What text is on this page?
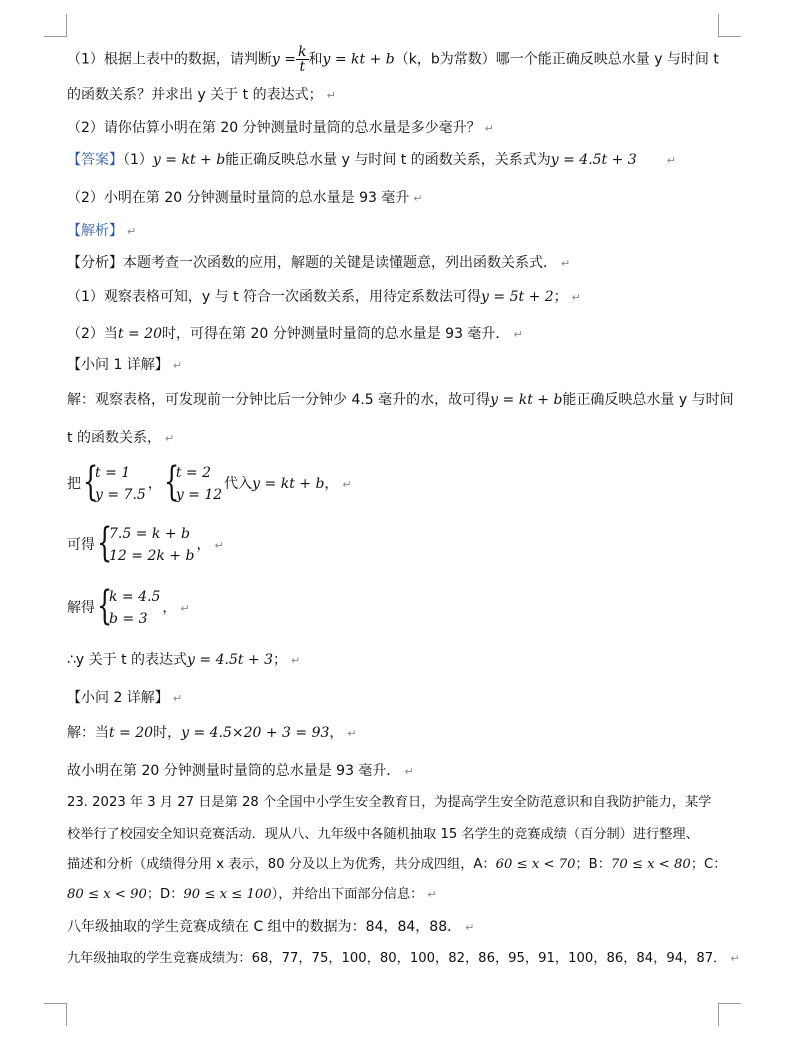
（1）根据上表中的数据，请判断$y = \frac{k}{t}$ 和y = kt + b（k，b为常数）哪一个能正确反映总水量 y 与时间 t
的函数关系？并求出 y 关于 t 的表达式； ↵
（2）请你估算小明在第 20 分钟测量时量筒的总水量是多少毫升？ ↵
【答案】（1）y = kt + b能正确反映总水量 y 与时间 t 的函数关系，关系式为y = 4.5t + 3	↵
（2）小明在第 20 分钟测量时量筒的总水量是 93 毫升 ↵
【解析】 ↵
【分析】本题考查一次函数的应用，解题的关键是读懂题意，列出函数关系式． ↵
（1）观察表格可知，y 与 t 符合一次函数关系，用待定系数法可得y = 5t + 2； ↵
（2）当t = 20时，可得在第 20 分钟测量时量筒的总水量是 93 毫升． ↵
【小问 1 详解】 ↵
解：观察表格，可发现前一分钟比后一分钟少 4.5 毫升的水，故可得y = kt + b能正确反映总水量 y 与时间
t 的函数关系， ↵
把 {
t = 1
y = 7.5
， {
t = 2
y = 12
代入y = kt + b， ↵
可得 {
7.5 = k + b
12 = 2k + b
， ↵
解得 {
k = 4.5
b = 3
， ↵
∴y 关于 t 的表达式y = 4.5t + 3； ↵
【小问 2 详解】 ↵
解：当t = 20时，y = 4.5×20 + 3 = 93， ↵
故小明在第 20 分钟测量时量筒的总水量是 93 毫升． ↵
23. 2023 年 3 月 27 日是第 28 个全国中小学生安全教育日，为提高学生安全防范意识和自我防护能力，某学
校举行了校园安全知识竞赛活动．现从八、九年级中各随机抽取 15 名学生的竞赛成绩（百分制）进行整理、
描述和分析（成绩得分用 x 表示，80 分及以上为优秀，共分成四组，A：60 ≤ x < 70；B：70 ≤ x < 80；C：
80 ≤ x < 90；D：90 ≤ x ≤ 100），并给出下面部分信息： ↵
八年级抽取的学生竞赛成绩在 C 组中的数据为：84，84，88． ↵
九年级抽取的学生竞赛成绩为：68，77，75，100，80，100，82，86，95，91，100，86，84，94，87． ↵
